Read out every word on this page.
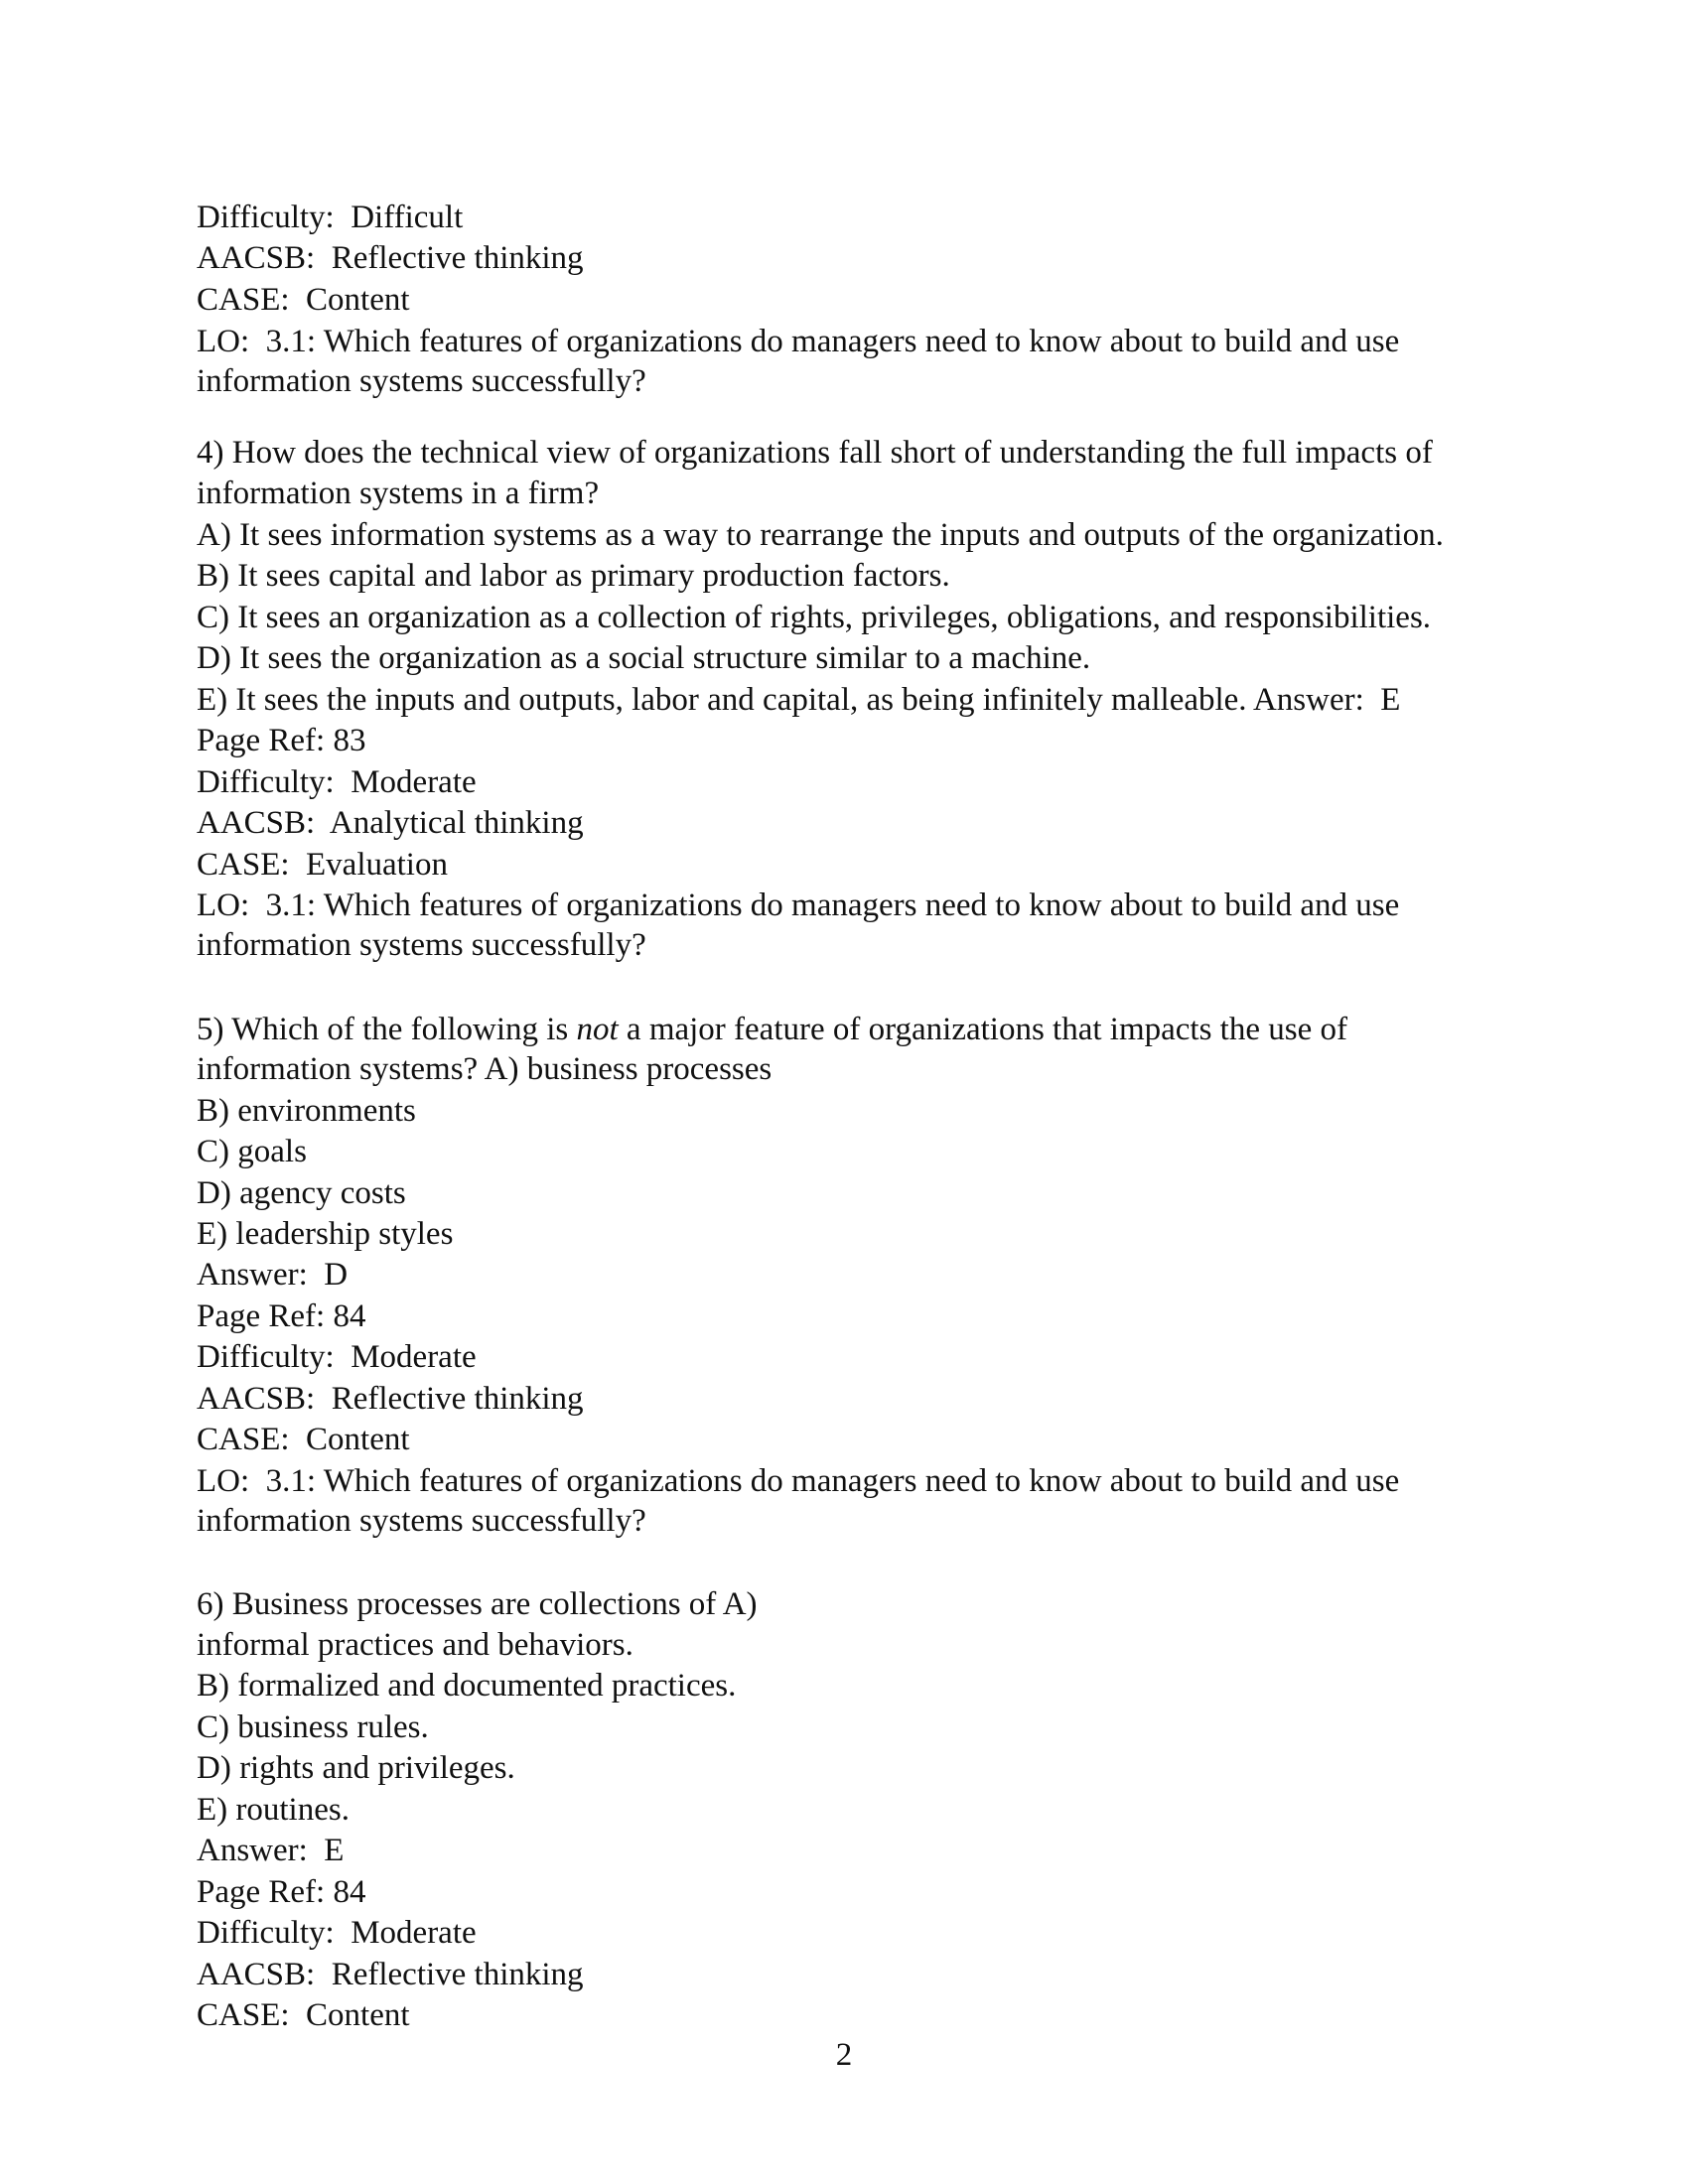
Difficulty:  Difficult
AACSB:  Reflective thinking
CASE:  Content
LO:  3.1: Which features of organizations do managers need to know about to build and use
information systems successfully?
4) How does the technical view of organizations fall short of understanding the full impacts of
information systems in a firm?
A) It sees information systems as a way to rearrange the inputs and outputs of the organization.
B) It sees capital and labor as primary production factors.
C) It sees an organization as a collection of rights, privileges, obligations, and responsibilities.
D) It sees the organization as a social structure similar to a machine.
E) It sees the inputs and outputs, labor and capital, as being infinitely malleable. Answer:  E
Page Ref: 83
Difficulty:  Moderate
AACSB:  Analytical thinking
CASE:  Evaluation
LO:  3.1: Which features of organizations do managers need to know about to build and use
information systems successfully?
5) Which of the following is not a major feature of organizations that impacts the use of
information systems? A) business processes
B) environments
C) goals
D) agency costs
E) leadership styles
Answer:  D
Page Ref: 84
Difficulty:  Moderate
AACSB:  Reflective thinking
CASE:  Content
LO:  3.1: Which features of organizations do managers need to know about to build and use
information systems successfully?
6) Business processes are collections of A)
informal practices and behaviors.
B) formalized and documented practices.
C) business rules.
D) rights and privileges.
E) routines.
Answer:  E
Page Ref: 84
Difficulty:  Moderate
AACSB:  Reflective thinking
CASE:  Content
2
